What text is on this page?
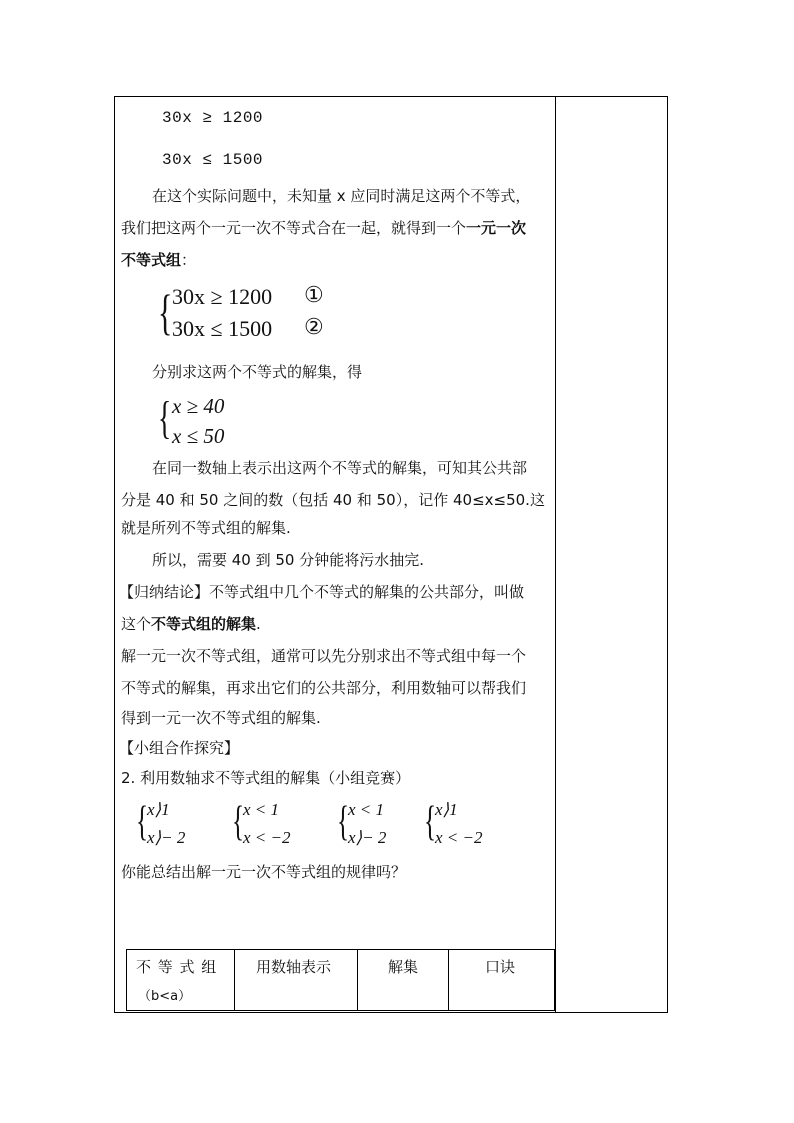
30x ≥ 1200
30x ≤ 1500
在这个实际问题中，未知量 x 应同时满足这两个不等式，
我们把这两个一元一次不等式合在一起，就得到一个一元一次
不等式组：
{ 30x ≥ 1200 ①
30x ≤ 1500 ②
分别求这两个不等式的解集，得
{ x ≥ 40
x ≤ 50
在同一数轴上表示出这两个不等式的解集，可知其公共部
分是 40 和 50 之间的数（包括 40 和 50），记作 40≤x≤50.这
就是所列不等式组的解集.
所以，需要 40 到 50 分钟能将污水抽完.
【归纳结论】不等式组中几个不等式的解集的公共部分，叫做
这个不等式组的解集.
解一元一次不等式组，通常可以先分别求出不等式组中每一个
不等式的解集，再求出它们的公共部分，利用数轴可以帮我们
得到一元一次不等式组的解集.
【小组合作探究】
2. 利用数轴求不等式组的解集（小组竞赛）
{
x⟩1
x⟩− 2 {
x < 1
x < −2 {
x < 1
x⟩− 2 {
x⟩1
x < −2
你能总结出解一元一次不等式组的规律吗？
不 等 式 组
（b<a）
用数轴表示	解集	口诀
